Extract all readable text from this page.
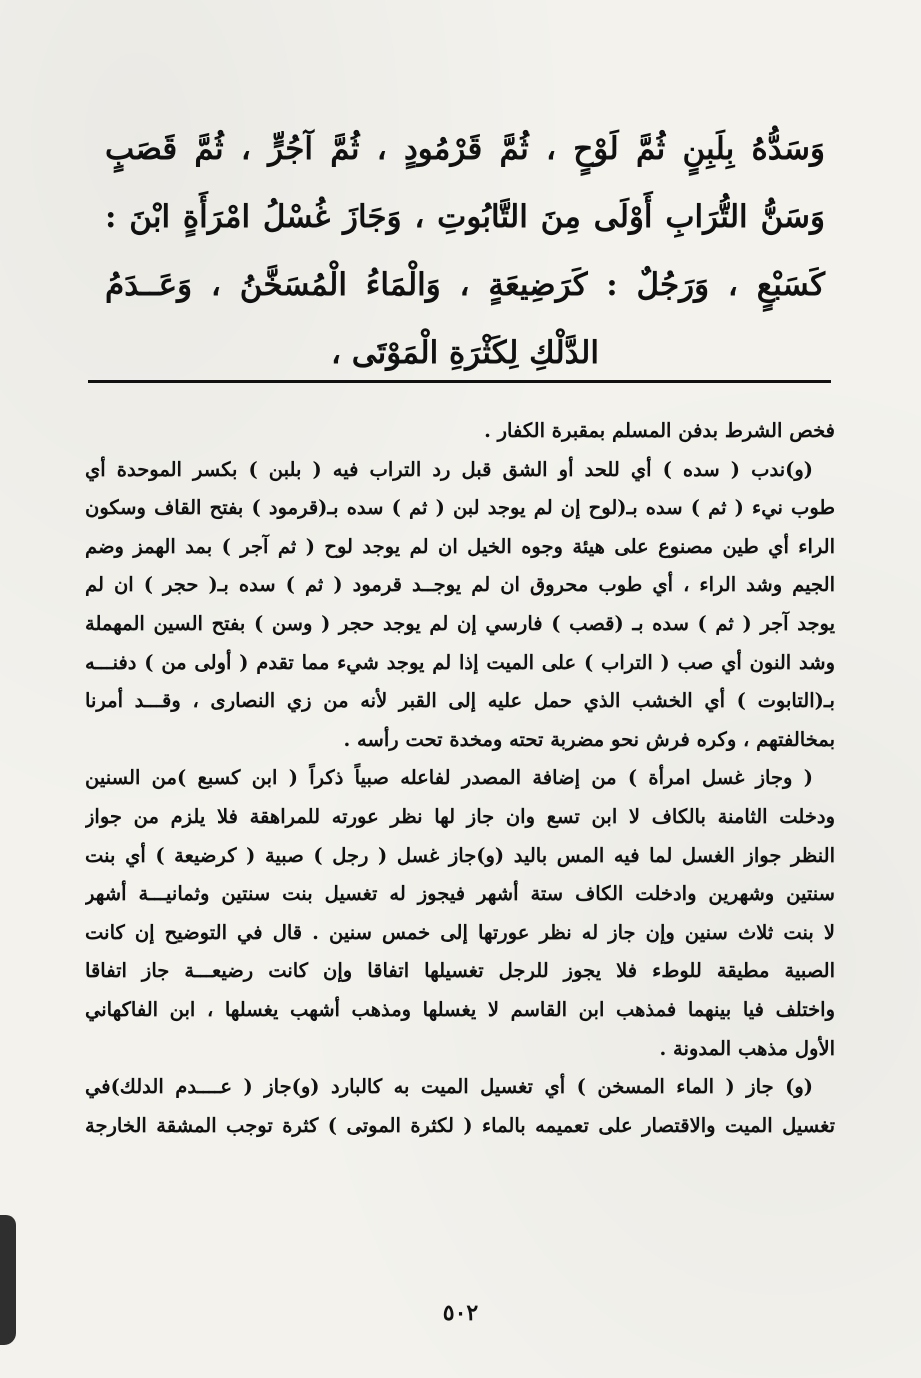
وَسَدُّهُ بِلَبِنٍ ثُمَّ لَوْحٍ ، ثُمَّ قَرْمُودٍ ، ثُمَّ آجُرٍّ ، ثُمَّ قَصَبٍ
وَسَنُّ التُّرَابِ أَوْلَى مِنَ التَّابُوتِ ، وَجَازَ غُسْلُ امْرَأَةٍ ابْنَ :
كَسَبْعٍ ، وَرَجُلٌ : كَرَضِيعَةٍ ، وَالْمَاءُ الْمُسَخَّنُ ، وَعَــدَمُ
الدَّلْكِ لِكَثْرَةِ الْمَوْتَى ،
فخص الشرط بدفن المسلم بمقبرة الكفار .
(و)ندب ( سده ) أي للحد أو الشق قبل رد التراب فيه ( بلبن ) بكسر الموحدة أي
طوب نيء ( ثم ) سده بـ(لوح إن لم يوجد لبن ( ثم ) سده بـ(قرمود ) بفتح القاف وسكون
الراء أي طين مصنوع على هيئة وجوه الخيل ان لم يوجد لوح ( ثم آجر ) بمد الهمز وضم
الجيم وشد الراء ، أي طوب محروق ان لم يوجــد قرمود ( ثم ) سده بـ( حجر ) ان لم
يوجد آجر ( ثم ) سده بـ (قصب ) فارسي إن لم يوجد حجر ( وسن ) بفتح السين المهملة
وشد النون أي صب ( التراب ) على الميت إذا لم يوجد شيء مما تقدم ( أولى من ) دفنـــه
بـ(التابوت ) أي الخشب الذي حمل عليه إلى القبر لأنه من زي النصارى ، وقـــد أمرنا
بمخالفتهم ، وكره فرش نحو مضربة تحته ومخدة تحت رأسه .
( وجاز غسل امرأة ) من إضافة المصدر لفاعله صبياً ذكراً ( ابن كسبع )من السنين
ودخلت الثامنة بالكاف لا ابن تسع وان جاز لها نظر عورته للمراهقة فلا يلزم من جواز
النظر جواز الغسل لما فيه المس باليد (و)جاز غسل ( رجل ) صبية ( كرضيعة ) أي بنت
سنتين وشهرين وادخلت الكاف ستة أشهر فيجوز له تغسيل بنت سنتين وثمانيـــة أشهر
لا بنت ثلاث سنين وإن جاز له نظر عورتها إلى خمس سنين . قال في التوضيح إن كانت
الصبية مطيقة للوطء فلا يجوز للرجل تغسيلها اتفاقا وإن كانت رضيعـــة جاز اتفاقا
واختلف فيا بينهما فمذهب ابن القاسم لا يغسلها ومذهب أشهب يغسلها ، ابن الفاكهاني
الأول مذهب المدونة .
(و) جاز ( الماء المسخن ) أي تغسيل الميت به كالبارد (و)جاز ( عــــدم الدلك)في
تغسيل الميت والاقتصار على تعميمه بالماء ( لكثرة الموتى ) كثرة توجب المشقة الخارجة
٥٠٢
